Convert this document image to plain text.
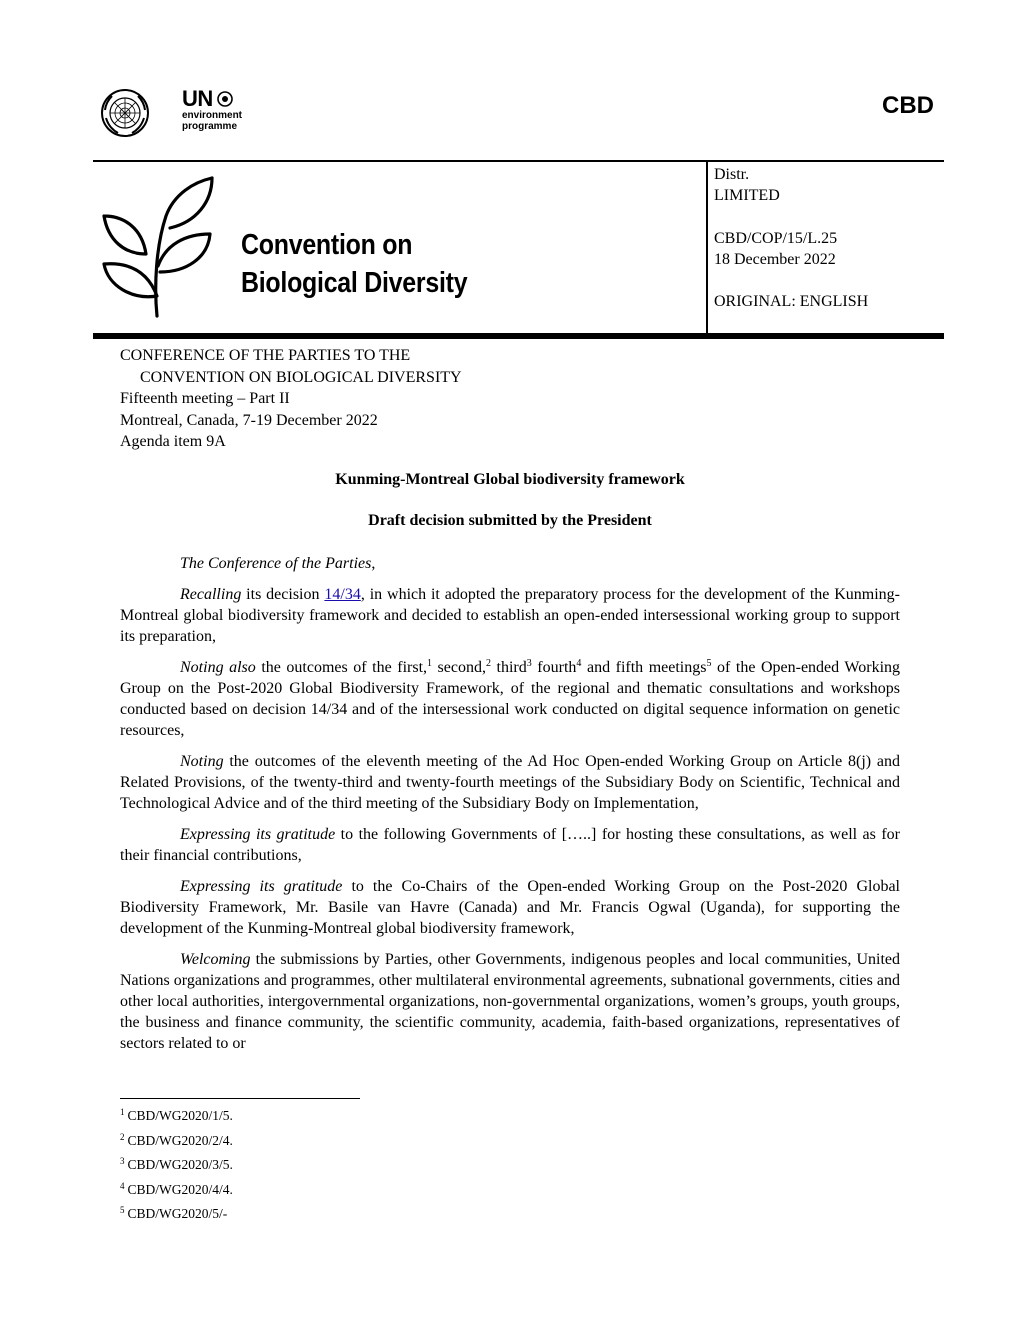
UN
environment
programme
CBD
Convention on
Biological Diversity
Distr.
LIMITED
CBD/COP/15/L.25
18 December 2022
ORIGINAL: ENGLISH
CONFERENCE OF THE PARTIES TO THE
CONVENTION ON BIOLOGICAL DIVERSITY
Fifteenth meeting – Part II
Montreal, Canada, 7-19 December 2022
Agenda item 9A
Kunming-Montreal Global biodiversity framework
Draft decision submitted by the President

The Conference of the Parties,

Recalling its decision 14/34, in which it adopted the preparatory process for the development of the Kunming-Montreal global biodiversity framework and decided to establish an open-ended intersessional working group to support its preparation,

Noting also the outcomes of the first,$^1$ second,$^2$ third$^3$ fourth$^4$ and fifth meetings$^5$ of the Open-ended Working Group on the Post-2020 Global Biodiversity Framework, of the regional and thematic consultations and workshops conducted based on decision 14/34 and of the intersessional work conducted on digital sequence information on genetic resources,

Noting the outcomes of the eleventh meeting of the Ad Hoc Open-ended Working Group on Article 8(j) and Related Provisions, of the twenty-third and twenty-fourth meetings of the Subsidiary Body on Scientific, Technical and Technological Advice and of the third meeting of the Subsidiary Body on Implementation,

Expressing its gratitude to the following Governments of […..] for hosting these consultations, as well as for their financial contributions,

Expressing its gratitude to the Co-Chairs of the Open-ended Working Group on the Post-2020 Global Biodiversity Framework, Mr. Basile van Havre (Canada) and Mr. Francis Ogwal (Uganda), for supporting the development of the Kunming-Montreal global biodiversity framework,

Welcoming the submissions by Parties, other Governments, indigenous peoples and local communities, United Nations organizations and programmes, other multilateral environmental agreements, subnational governments, cities and other local authorities, intergovernmental organizations, non-governmental organizations, women’s groups, youth groups, the business and finance community, the scientific community, academia, faith-based organizations, representatives of sectors related to or

$^1$ CBD/WG2020/1/5.
$^2$ CBD/WG2020/2/4.
$^3$ CBD/WG2020/3/5.
$^4$ CBD/WG2020/4/4.
$^5$ CBD/WG2020/5/-
